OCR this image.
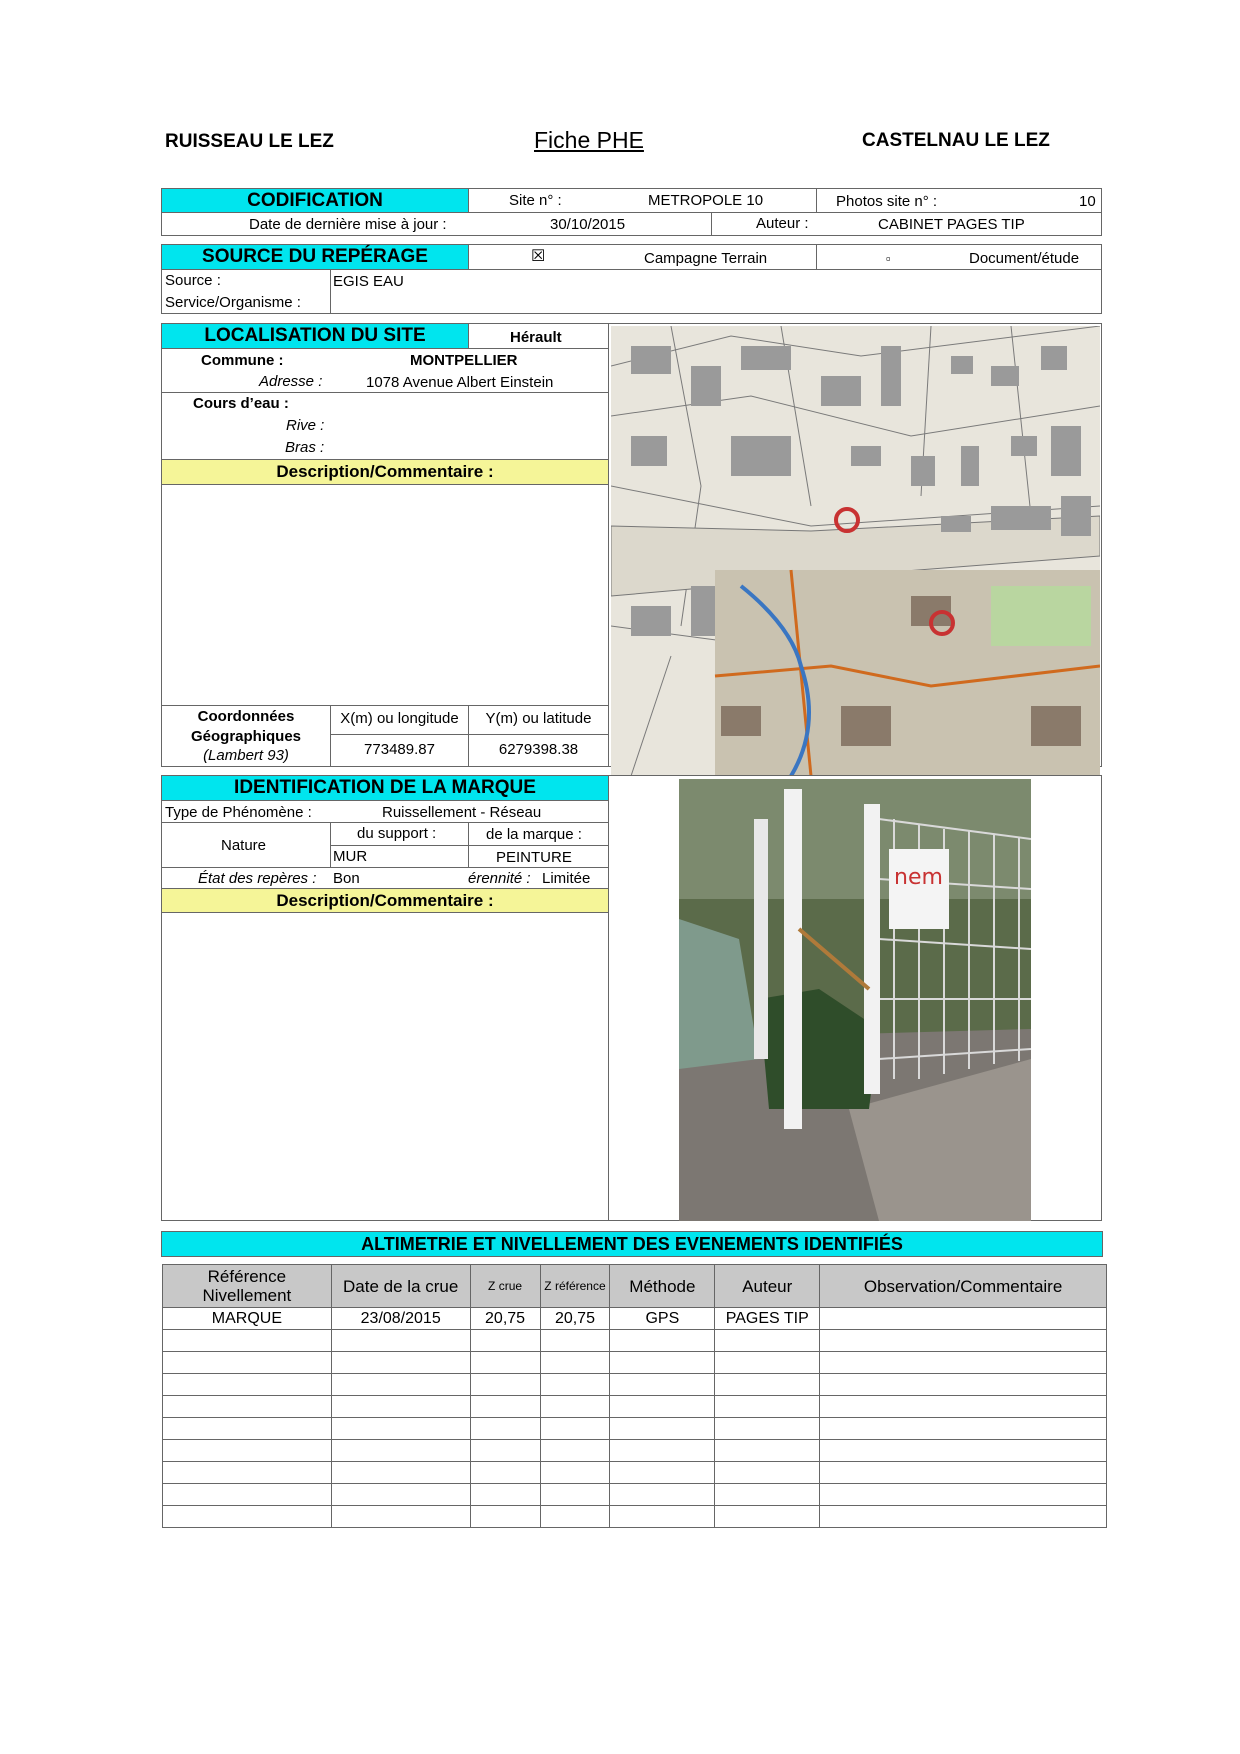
RUISSEAU LE LEZ	Fiche PHE	CASTELNAU LE LEZ
CODIFICATION	Site n° :	METROPOLE 10	Photos site n° :	10
Date de dernière mise à jour :	30/10/2015	Auteur :	CABINET PAGES TIP
SOURCE DU REPÉRAGE	☒	Campagne Terrain	▫	Document/étude
Source :
Service/Organisme :
EGIS EAU
LOCALISATION DU SITE	Hérault
Commune :	MONTPELLIER
Adresse :	1078 Avenue Albert Einstein
Cours d’eau :
Rive :
Bras :
Description/Commentaire :
Coordonnées
Géographiques
(Lambert 93)
X(m) ou longitude	Y(m) ou latitude
773489.87	6279398.38
IDENTIFICATION DE LA MARQUE
Type de Phénomène :	Ruissellement - Réseau
Nature
du support :	de la marque :
MUR	PEINTURE
État des repères : Bon	érennité : Limitée
Description/Commentaire :
nem
ALTIMETRIE ET NIVELLEMENT DES EVENEMENTS IDENTIFIÉS
Référence Nivellement	Date de la crue	Z crue	Z référence	Méthode	Auteur	Observation/Commentaire
MARQUE	23/08/2015	20,75	20,75	GPS	PAGES TIP	
